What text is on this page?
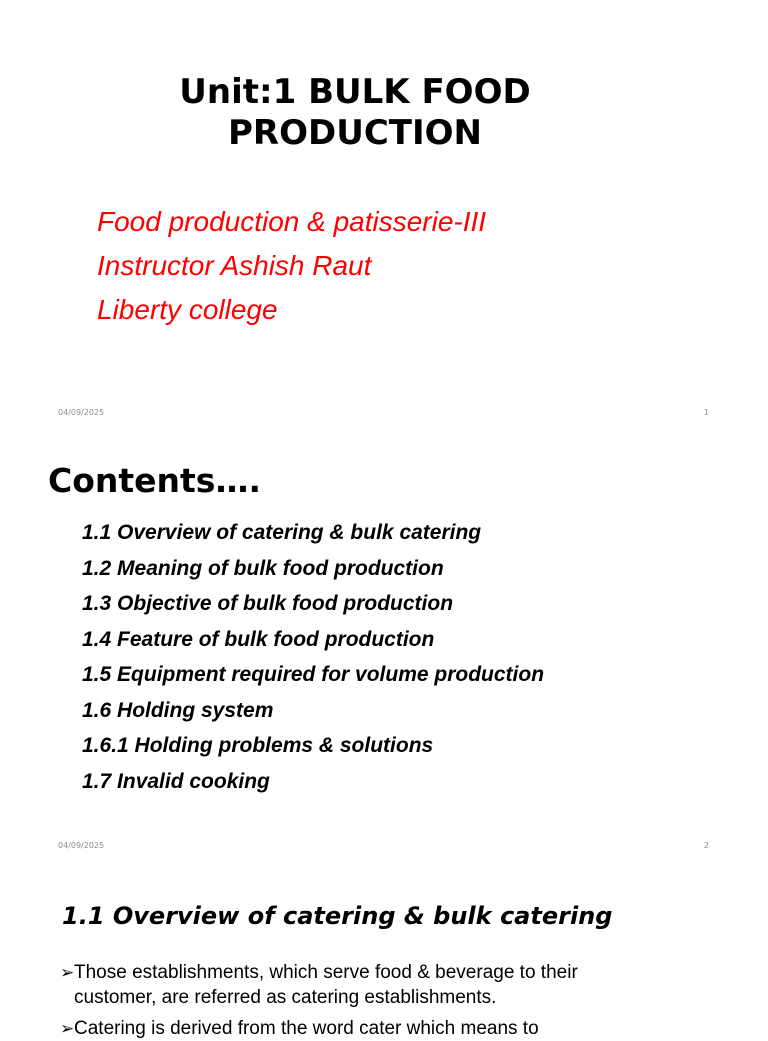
Unit:1 BULK FOOD PRODUCTION
Food production & patisserie-III
Instructor Ashish Raut
Liberty college
04/09/2025	1
Contents….
1.1 Overview of catering & bulk catering
1.2 Meaning of bulk food production
1.3 Objective of bulk food production
1.4 Feature of bulk food production
1.5 Equipment required for volume production
1.6 Holding system
1.6.1 Holding problems & solutions
1.7 Invalid cooking
04/09/2025	2
1.1 Overview of catering & bulk catering
➢ Those establishments, which serve food & beverage to their customer, are referred as catering establishments.
➢ Catering is derived from the word cater which means to
